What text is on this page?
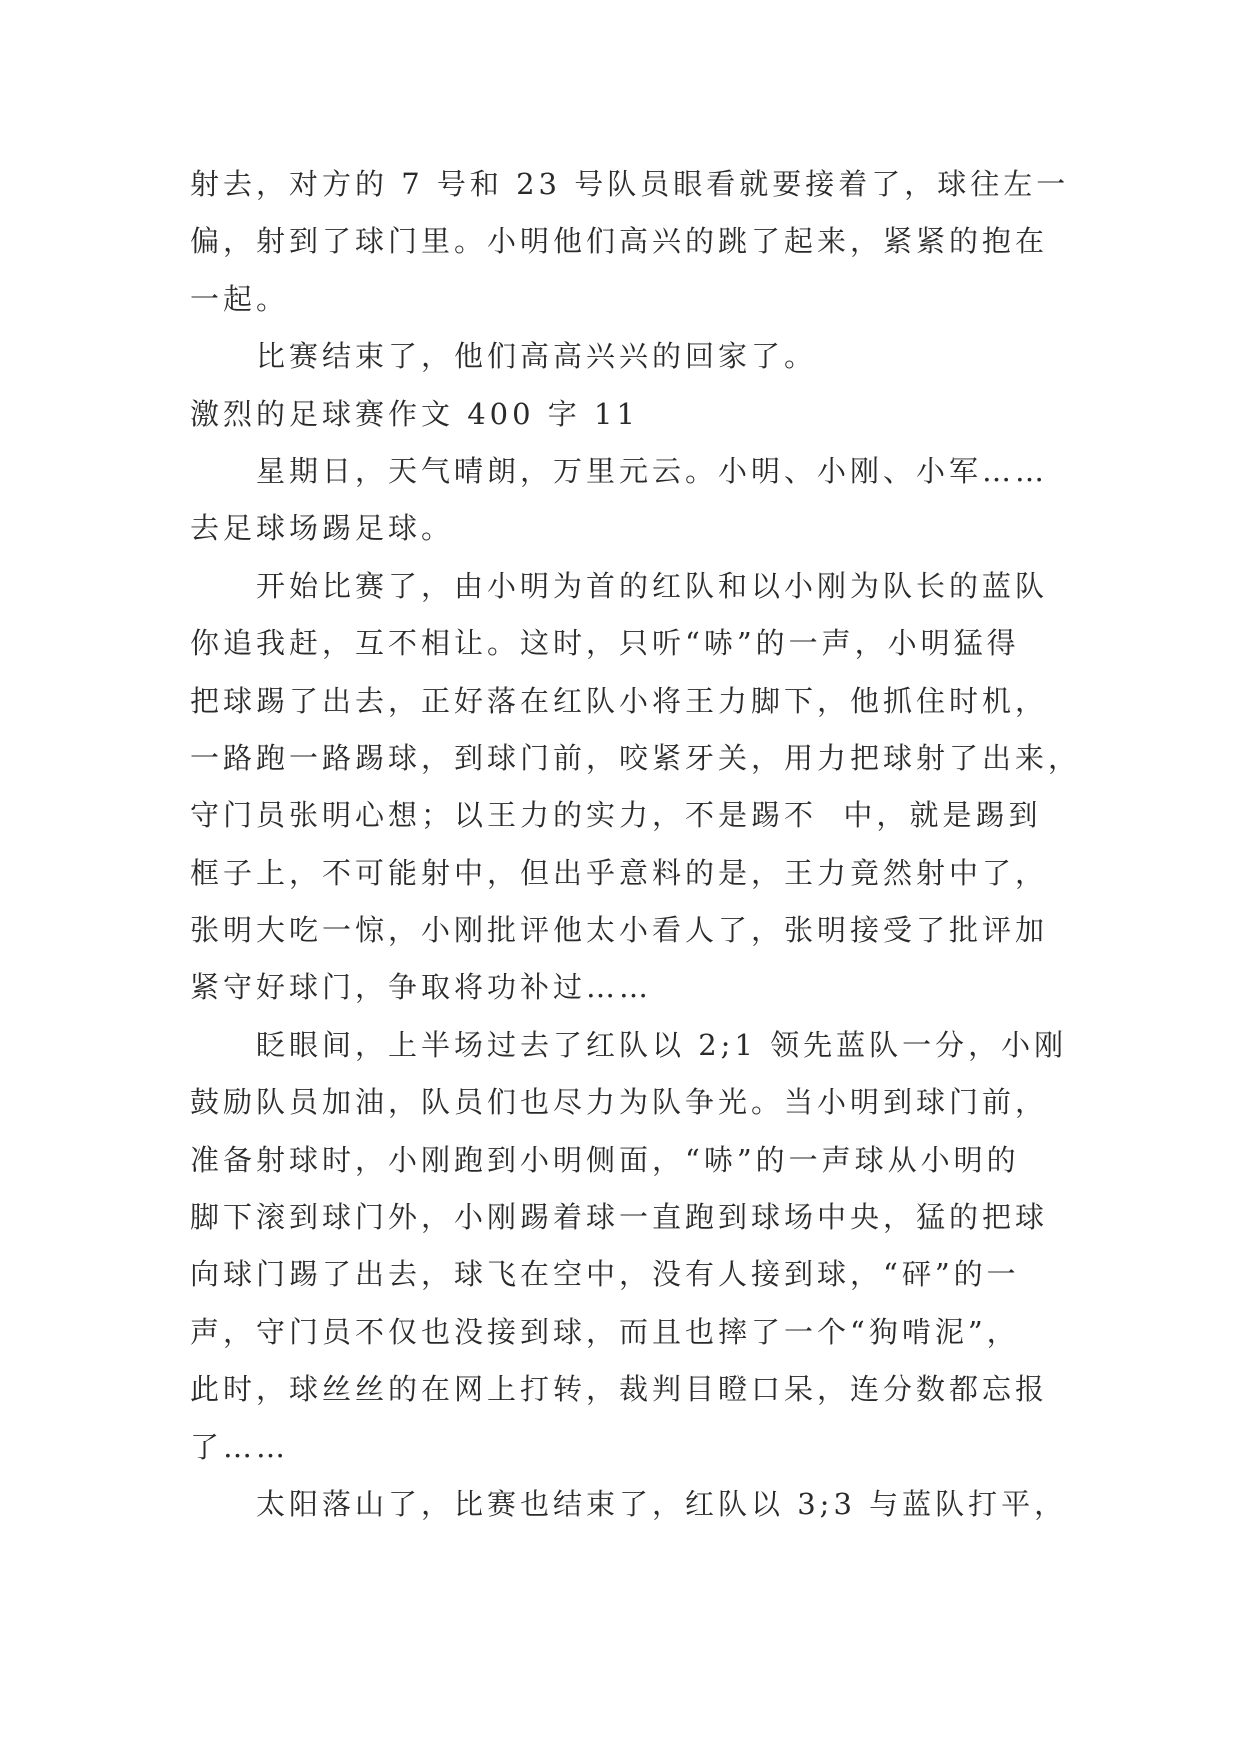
射去，对方的 7 号和 23 号队员眼看就要接着了，球往左一
偏，射到了球门里。小明他们高兴的跳了起来，紧紧的抱在
一起。
比赛结束了，他们高高兴兴的回家了。
激烈的足球赛作文 400 字 11
星期日，天气晴朗，万里元云。小明、小刚、小军……
去足球场踢足球。
开始比赛了，由小明为首的红队和以小刚为队长的蓝队
你追我赶，互不相让。这时，只听“哧”的一声，小明猛得
把球踢了出去，正好落在红队小将王力脚下，他抓住时机，
一路跑一路踢球，到球门前，咬紧牙关，用力把球射了出来，
守门员张明心想；以王力的实力，不是踢不  中，就是踢到
框子上，不可能射中，但出乎意料的是，王力竟然射中了，
张明大吃一惊，小刚批评他太小看人了，张明接受了批评加
紧守好球门，争取将功补过……
眨眼间，上半场过去了红队以 2;1 领先蓝队一分，小刚
鼓励队员加油，队员们也尽力为队争光。当小明到球门前，
准备射球时，小刚跑到小明侧面，“哧”的一声球从小明的
脚下滚到球门外，小刚踢着球一直跑到球场中央，猛的把球
向球门踢了出去，球飞在空中，没有人接到球，“砰”的一
声，守门员不仅也没接到球，而且也摔了一个“狗啃泥”，
此时，球丝丝的在网上打转，裁判目瞪口呆，连分数都忘报
了……
太阳落山了，比赛也结束了，红队以 3;3 与蓝队打平，
